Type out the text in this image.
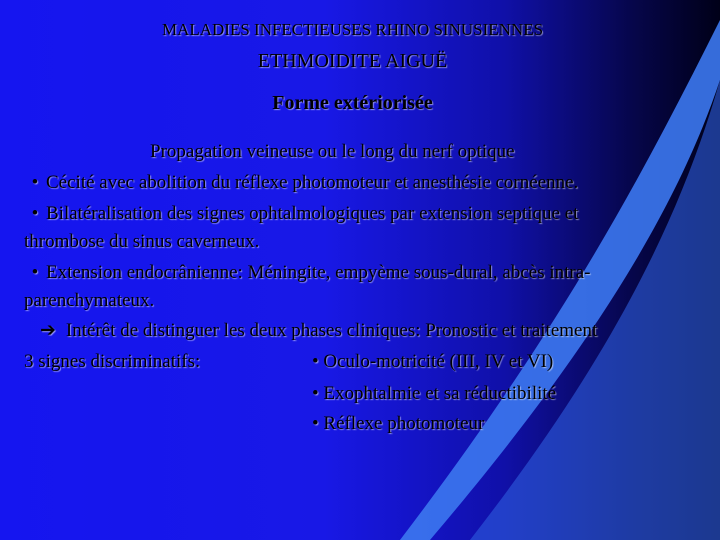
MALADIES INFECTIEUSES RHINO SINUSIENNES
ETHMOIDITE AIGUË
Forme extériorisée
Propagation veineuse ou le long du nerf optique
• Cécité avec abolition du réflexe photomoteur et anesthésie cornéenne.
• Bilatéralisation des signes ophtalmologiques par extension septique et
thrombose du sinus caverneux.
• Extension endocrânienne: Méningite, empyème sous-dural, abcès intra-
parenchymateux.
➔ Intérêt de distinguer les deux phases cliniques: Pronostic et traitement
3 signes discriminatifs:	• Oculo-motricité (III, IV et VI)
• Exophtalmie et sa réductibilité
• Réflexe photomoteur
